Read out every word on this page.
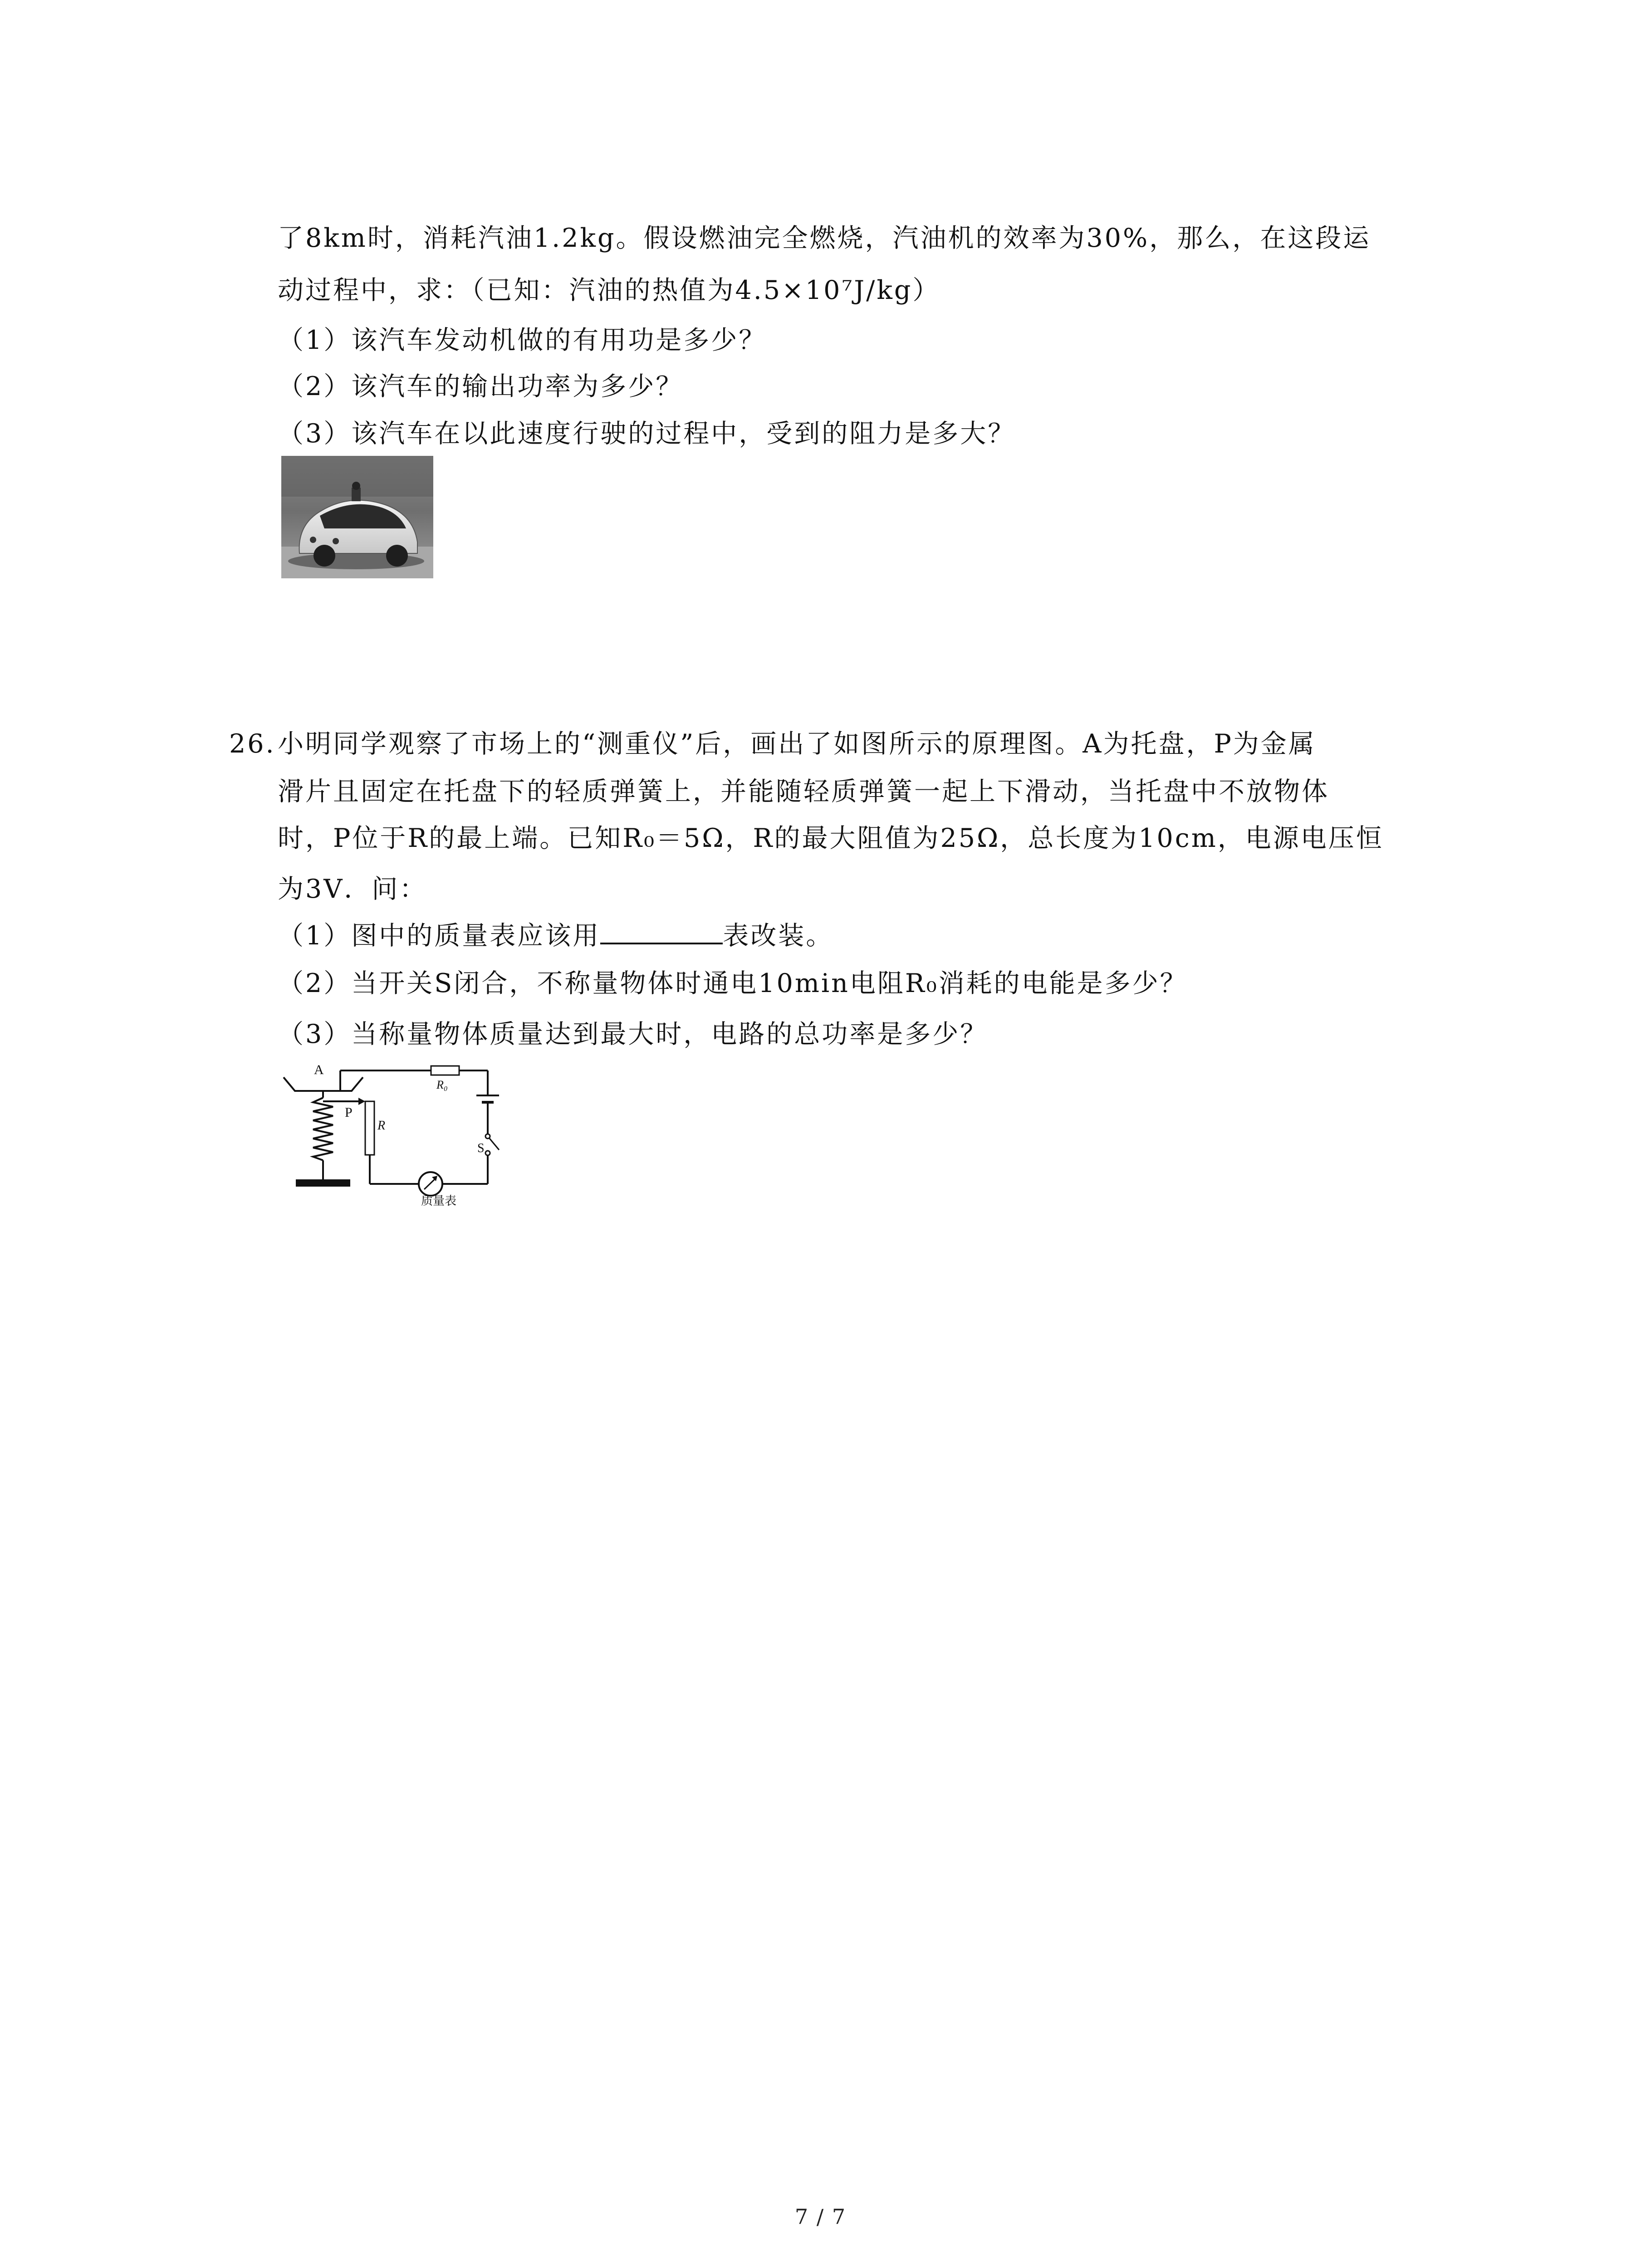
了8km时，消耗汽油1.2kg。假设燃油完全燃烧，汽油机的效率为30%，那么，在这段运
动过程中，求：（已知：汽油的热值为4.5×10⁷J/kg）
（1）该汽车发动机做的有用功是多少？
（2）该汽车的输出功率为多少？
（3）该汽车在以此速度行驶的过程中，受到的阻力是多大？
26. 小明同学观察了市场上的“测重仪”后，画出了如图所示的原理图。A为托盘，P为金属
滑片且固定在托盘下的轻质弹簧上，并能随轻质弹簧一起上下滑动，当托盘中不放物体
时，P位于R的最上端。已知R₀＝5Ω，R的最大阻值为25Ω，总长度为10cm，电源电压恒
为3V．问：
（1）图中的质量表应该用	表改装。
（2）当开关S闭合，不称量物体时通电10min电阻R₀消耗的电能是多少？
（3）当称量物体质量达到最大时，电路的总功率是多少？
A
P
R
R₀
S
质量表
7 / 7
